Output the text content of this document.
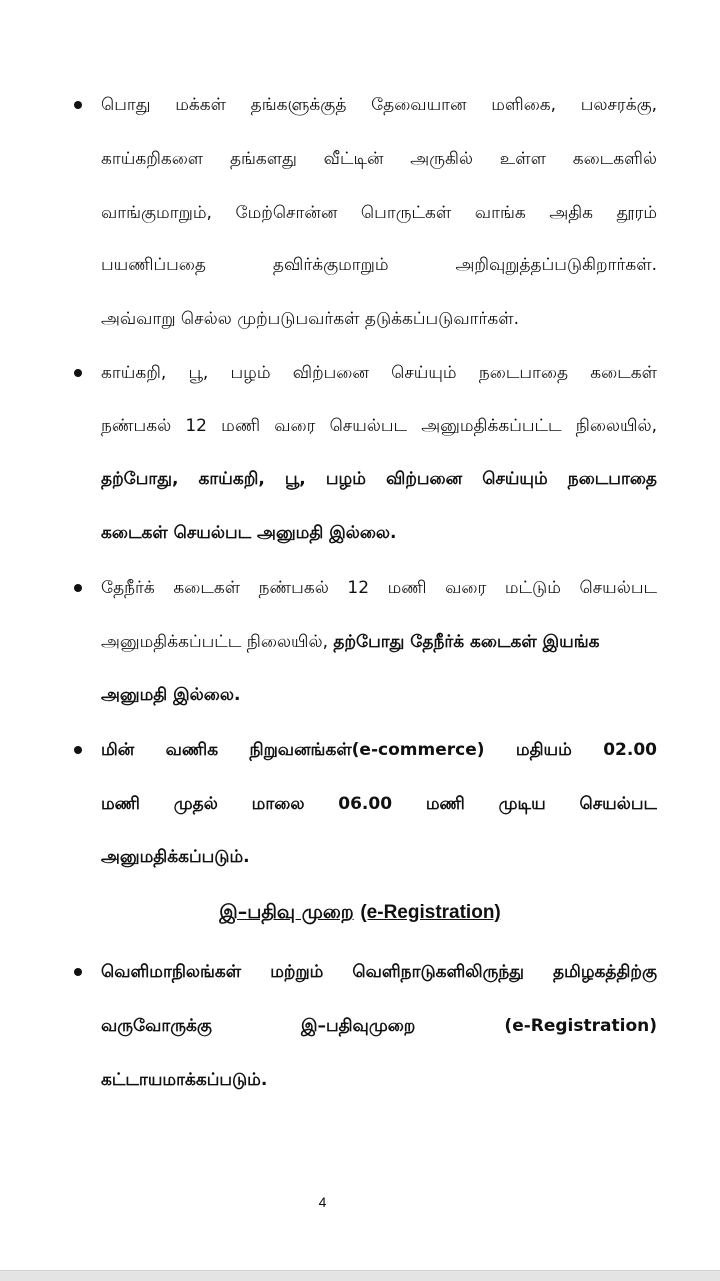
பொது மக்கள் தங்களுக்குத் தேவையான மளிகை, பலசரக்கு,
காய்கறிகளை தங்களது வீட்டின் அருகில் உள்ள கடைகளில்
வாங்குமாறும், மேற்சொன்ன பொருட்கள் வாங்க அதிக தூரம்
பயணிப்பதை தவிர்க்குமாறும் அறிவுறுத்தப்படுகிறார்கள்.
அவ்வாறு செல்ல முற்படுபவர்கள் தடுக்கப்படுவார்கள்.
காய்கறி, பூ, பழம் விற்பனை செய்யும் நடைபாதை கடைகள்
நண்பகல் 12 மணி வரை செயல்பட அனுமதிக்கப்பட்ட நிலையில்,
தற்போது, காய்கறி, பூ, பழம் விற்பனை செய்யும் நடைபாதை
கடைகள் செயல்பட அனுமதி இல்லை.
தேநீர்க் கடைகள் நண்பகல் 12 மணி வரை மட்டும் செயல்பட
அனுமதிக்கப்பட்ட நிலையில், தற்போது தேநீர்க் கடைகள் இயங்க
அனுமதி இல்லை.
மின் வணிக நிறுவனங்கள்(e-commerce) மதியம் 02.00
மணி முதல் மாலை 06.00 மணி முடிய செயல்பட
அனுமதிக்கப்படும்.
இ–பதிவு முறை (e-Registration)
வெளிமாநிலங்கள் மற்றும் வெளிநாடுகளிலிருந்து தமிழகத்திற்கு
வருவோருக்கு இ–பதிவுமுறை (e-Registration)
கட்டாயமாக்கப்படும்.
4
